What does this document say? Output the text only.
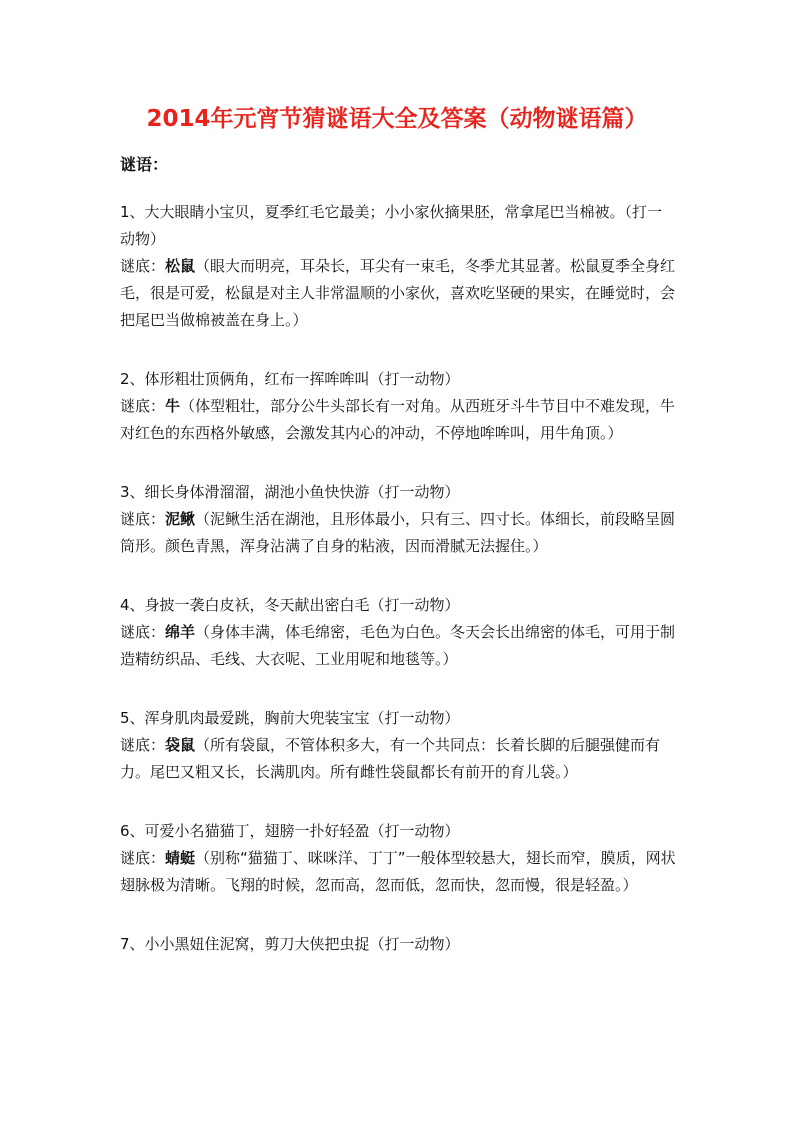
2014年元宵节猜谜语大全及答案（动物谜语篇）
谜语：

1、大大眼睛小宝贝，夏季红毛它最美；小小家伙摘果胚，常拿尾巴当棉被。（打一动物）

谜底：松鼠（眼大而明亮，耳朵长，耳尖有一束毛，冬季尤其显著。松鼠夏季全身红毛，很是可爱，松鼠是对主人非常温顺的小家伙，喜欢吃坚硬的果实，在睡觉时，会把尾巴当做棉被盖在身上。）

2、体形粗壮顶俩角，红布一挥哞哞叫（打一动物）

谜底：牛（体型粗壮，部分公牛头部长有一对角。从西班牙斗牛节目中不难发现，牛对红色的东西格外敏感，会激发其内心的冲动，不停地哞哞叫，用牛角顶。）

3、细长身体滑溜溜，湖池小鱼快快游（打一动物）

谜底：泥鳅（泥鳅生活在湖池，且形体最小，只有三、四寸长。体细长，前段略呈圆筒形。颜色青黑，浑身沾满了自身的粘液，因而滑腻无法握住。）

4、身披一袭白皮袄，冬天献出密白毛（打一动物）

谜底：绵羊（身体丰满，体毛绵密，毛色为白色。冬天会长出绵密的体毛，可用于制造精纺织品、毛线、大衣呢、工业用呢和地毯等。）

5、浑身肌肉最爱跳，胸前大兜装宝宝（打一动物）

谜底：袋鼠（所有袋鼠，不管体积多大，有一个共同点：长着长脚的后腿强健而有力。尾巴又粗又长，长满肌肉。所有雌性袋鼠都长有前开的育儿袋。）

6、可爱小名猫猫丁，翅膀一扑好轻盈（打一动物）

谜底：蜻蜓（别称“猫猫丁、咪咪洋、丁丁”一般体型较悬大，翅长而窄，膜质，网状翅脉极为清晰。飞翔的时候，忽而高，忽而低，忽而快，忽而慢，很是轻盈。）

7、小小黑妞住泥窝，剪刀大侠把虫捉（打一动物）
